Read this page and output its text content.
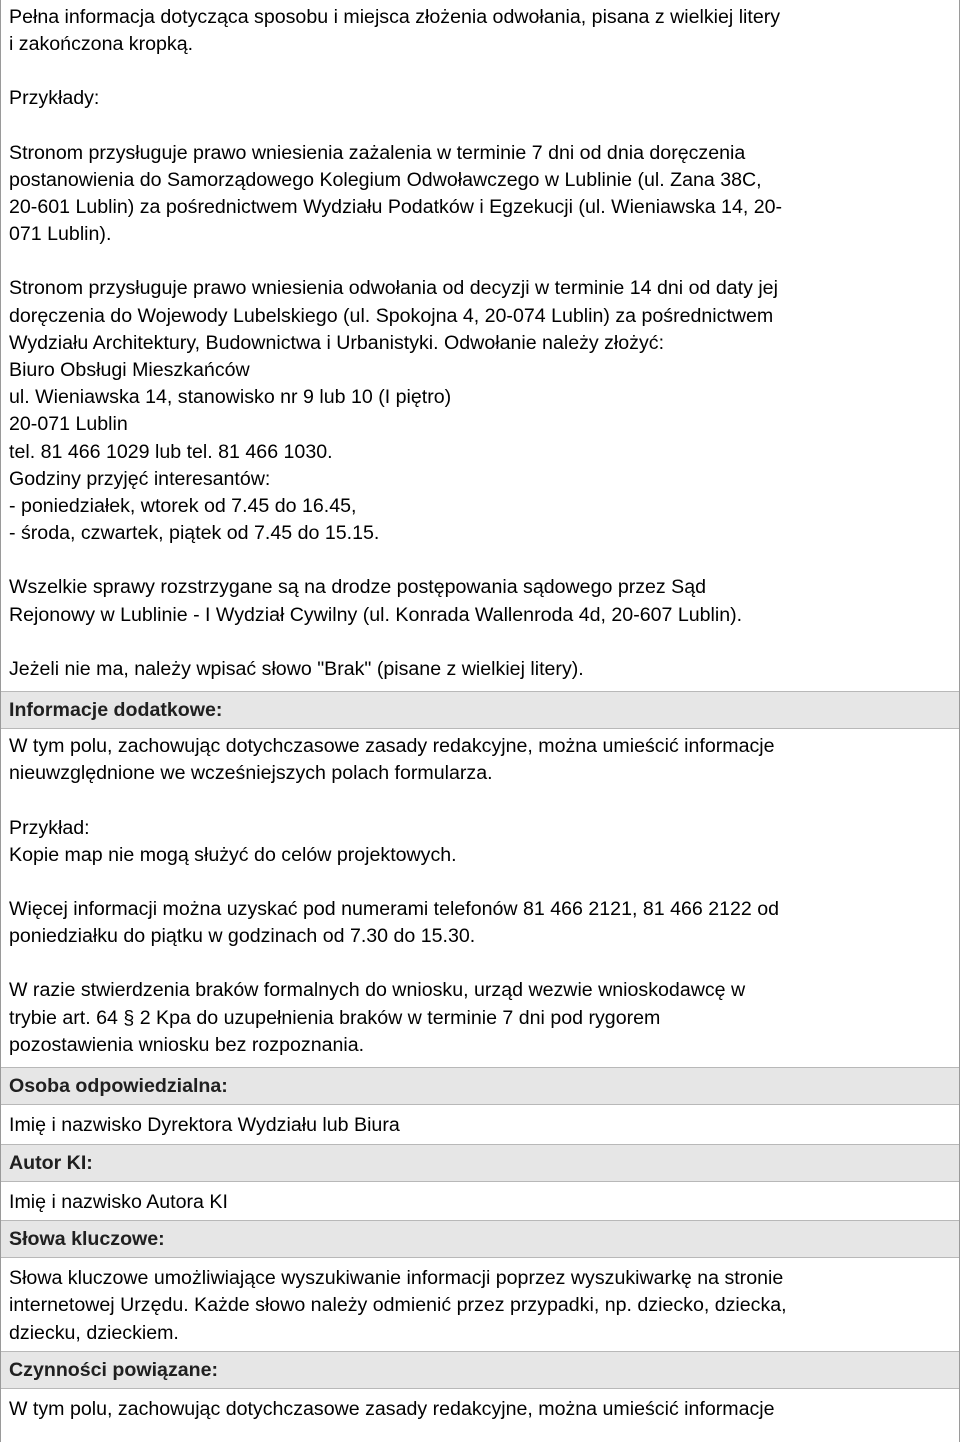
Pełna informacja dotycząca sposobu i miejsca złożenia odwołania, pisana z wielkiej litery

i zakończona kropką.

Przykłady:

Stronom przysługuje prawo wniesienia zażalenia w terminie 7 dni od dnia doręczenia

postanowienia do Samorządowego Kolegium Odwoławczego w Lublinie (ul. Zana 38C,

20-601 Lublin) za pośrednictwem Wydziału Podatków i Egzekucji (ul. Wieniawska 14, 20-

071 Lublin).

Stronom przysługuje prawo wniesienia odwołania od decyzji w terminie 14 dni od daty jej

doręczenia do Wojewody Lubelskiego (ul. Spokojna 4, 20-074 Lublin) za pośrednictwem

Wydziału Architektury, Budownictwa i Urbanistyki. Odwołanie należy złożyć:

Biuro Obsługi Mieszkańców

ul. Wieniawska 14, stanowisko nr 9 lub 10 (I piętro)

20-071 Lublin

tel. 81 466 1029 lub tel. 81 466 1030.

Godziny przyjęć interesantów:

- poniedziałek, wtorek od 7.45 do 16.45,

- środa, czwartek, piątek od 7.45 do 15.15.

Wszelkie sprawy rozstrzygane są na drodze postępowania sądowego przez Sąd

Rejonowy w Lublinie - I Wydział Cywilny (ul. Konrada Wallenroda 4d, 20-607 Lublin).

Jeżeli nie ma, należy wpisać słowo "Brak" (pisane z wielkiej litery).

Informacje dodatkowe:

W tym polu, zachowując dotychczasowe zasady redakcyjne, można umieścić informacje

nieuwzględnione we wcześniejszych polach formularza.

Przykład:

Kopie map nie mogą służyć do celów projektowych.

Więcej informacji można uzyskać pod numerami telefonów 81 466 2121, 81 466 2122 od

poniedziałku do piątku w godzinach od 7.30 do 15.30.

W razie stwierdzenia braków formalnych do wniosku, urząd wezwie wnioskodawcę w

trybie art. 64 § 2 Kpa do uzupełnienia braków w terminie 7 dni pod rygorem

pozostawienia wniosku bez rozpoznania.

Osoba odpowiedzialna:

Imię i nazwisko Dyrektora Wydziału lub Biura

Autor KI:

Imię i nazwisko Autora KI

Słowa kluczowe:

Słowa kluczowe umożliwiające wyszukiwanie informacji poprzez wyszukiwarkę na stronie

internetowej Urzędu. Każde słowo należy odmienić przez przypadki, np. dziecko, dziecka,

dziecku, dzieckiem.

Czynności powiązane:

W tym polu, zachowując dotychczasowe zasady redakcyjne, można umieścić informacje
